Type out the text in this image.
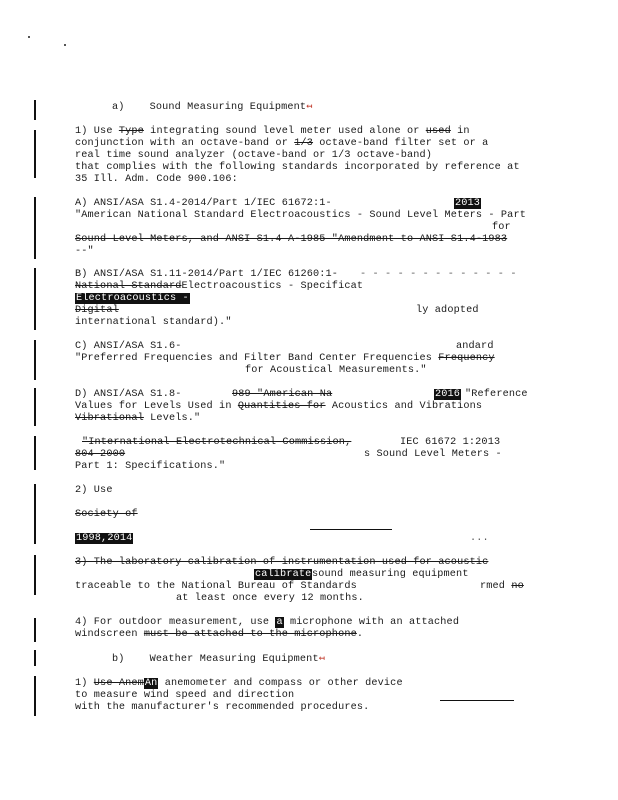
a) Sound Measuring Equipment↤
1) Use Type integrating sound level meter used alone or used in
conjunction with an octave-band or 1/3 octave-band filter set or a
real time sound analyzer (octave-band or 1/3 octave-band)
that complies with the following standards incorporated by reference at
35 Ill. Adm. Code 900.106:
A) ANSI/ASA S1.4-2014/Part 1/IEC 61672:1-	2013
"American National Standard Electroacoustics - Sound Level Meters - Part
for
Sound Level Meters, and ANSI S1.4 A-1985 "Amendment to ANSI S1.4-1983
--"
B) ANSI/ASA S1.11-2014/Part 1/IEC 61260:1- - - - - - - - - - - - - -
National StandardElectroacoustics - Specificat
Electroacoustics -
Digital	ly adopted
international standard)."
C) ANSI/ASA S1.6-	andard
"Preferred Frequencies and Filter Band Center Frequencies Frequency
for Acoustical Measurements."
D) ANSI/ASA S1.8-	989 "American Na	2016 "Reference
Values for Levels Used in Quantities for Acoustics and Vibrations
Vibrational Levels."
"International Electrotechnical Commission,	IEC 61672 1:2013
804 2000	s Sound Level Meters -
Part 1: Specifications."
2) Use
Society of
1998,2014	...
3) The laboratory calibration of instrumentation used for acoustic
traceable to the National Bureau of Standards
calibrate sound measuring equipment
rmed no
at least once every 12 months.
4) For outdoor measurement, use a microphone with an attached
windscreen must be attached to the microphone.
b) Weather Measuring Equipment↤
1) Use AnemAn anemometer and compass or other device
to measure wind speed and direction
with the manufacturer's recommended procedures.
